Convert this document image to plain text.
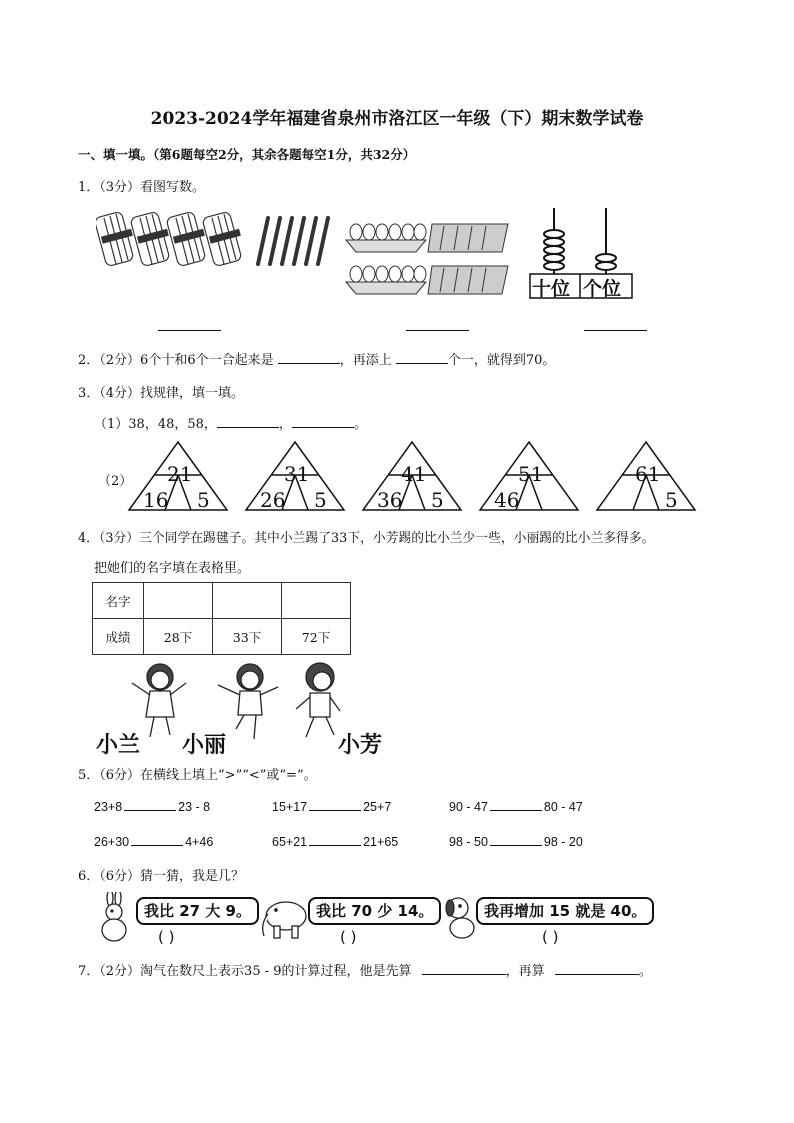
2023-2024学年福建省泉州市洛江区一年级（下）期末数学试卷
一、填一填。（第6题每空2分，其余各题每空1分，共32分）
1．（3分）看图写数。
十位 个位
2．（2分）6个十和6个一合起来是	，再添上	个一，就得到70。
3．（4分）找规律，填一填。
（1）38，48，58，	，	。
（2） 21
16 5
31
26 5
41
36 5
51
46
61
5
4．（3分）三个同学在踢毽子。其中小兰踢了33下，小芳踢的比小兰少一些，小丽踢的比小兰多得多。
把她们的名字填在表格里。
名字			
成绩	28下	33下	72下
小兰 小丽	小芳
5．（6分）在横线上填上“>”“<”或“=”。
23+8	23 - 8	15+17	25+7	90 - 47	80 - 47
26+30	4+46	65+21	21+65	98 - 50	98 - 20
6．（6分）猜一猜，我是几？
我比 27 大 9。
( )
我比 70 少 14。
( )
我再增加 15 就是 40。
( )
7．（2分）淘气在数尺上表示35 - 9的计算过程，他是先算	，再算	。
